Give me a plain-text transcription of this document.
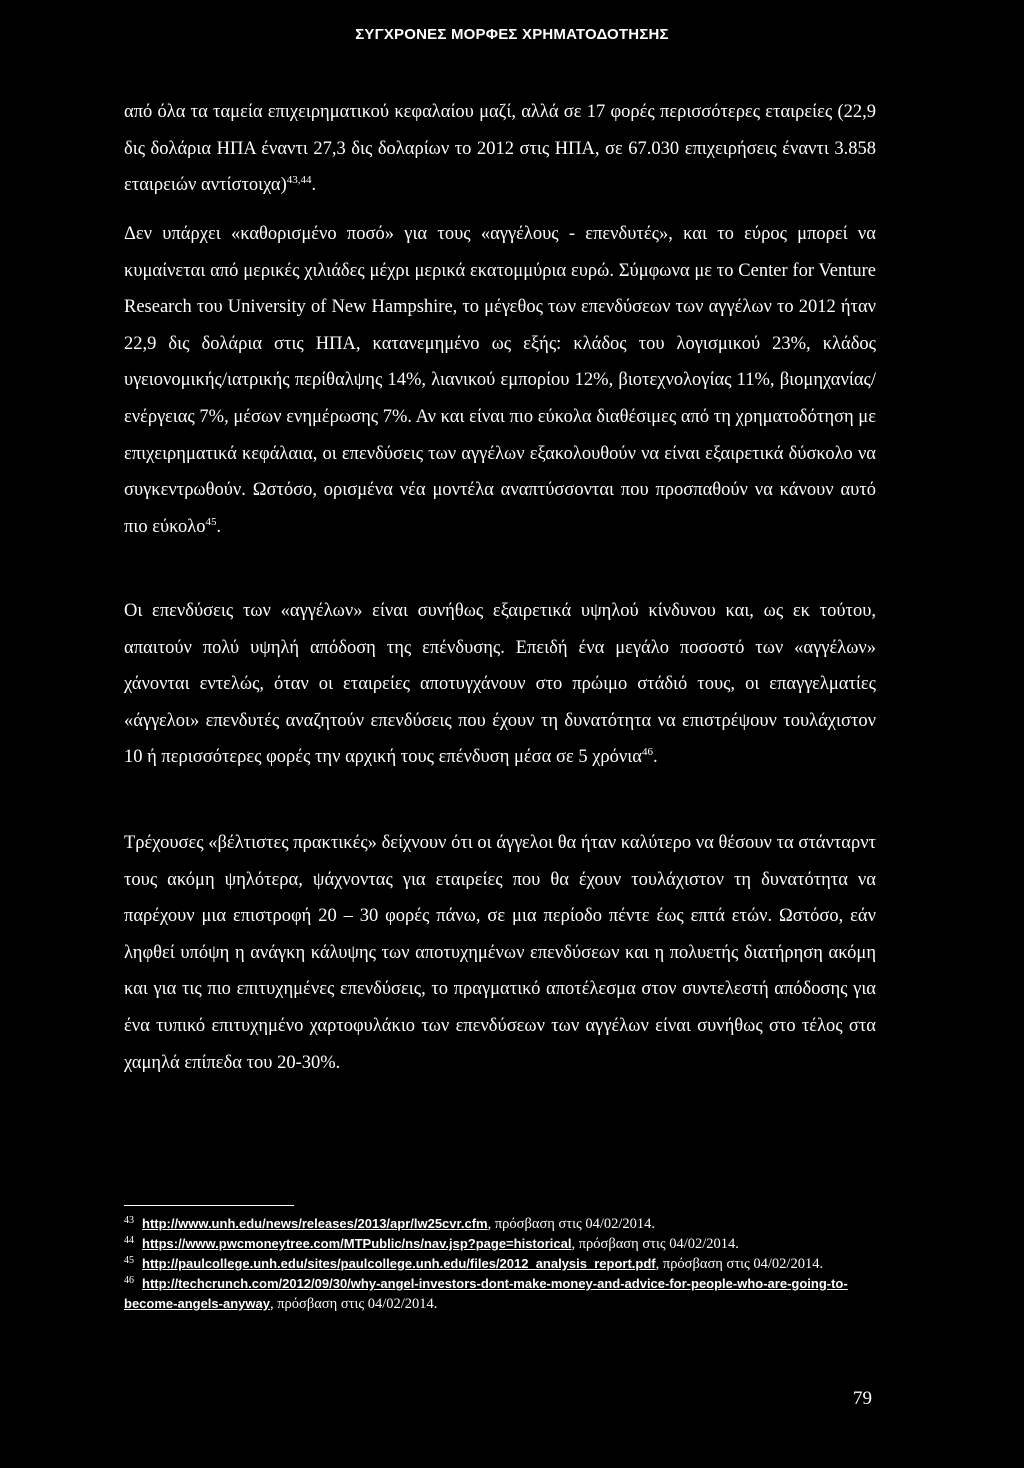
ΣΥΓΧΡΟΝΕΣ ΜΟΡΦΕΣ ΧΡΗΜΑΤΟΔΟΤΗΣΗΣ

από όλα τα ταμεία επιχειρηματικού κεφαλαίου μαζί, αλλά σε 17 φορές περισσότερες εταιρείες (22,9 δις δολάρια ΗΠΑ έναντι 27,3 δις δολαρίων το 2012 στις ΗΠΑ, σε 67.030 επιχειρήσεις έναντι 3.858 εταιρειών αντίστοιχα)$^{43,44}$.

Δεν υπάρχει «καθορισμένο ποσό» για τους «αγγέλους - επενδυτές», και το εύρος μπορεί να κυμαίνεται από μερικές χιλιάδες μέχρι μερικά εκατομμύρια ευρώ. Σύμφωνα με το Center for Venture Research του University of New Hampshire, το μέγεθος των επενδύσεων των αγγέλων το 2012 ήταν 22,9 δις δολάρια στις ΗΠΑ, κατανεμημένο ως εξής: κλάδος του λογισμικού 23%, κλάδος υγειονομικής/ιατρικής περίθαλψης 14%, λιανικού εμπορίου 12%, βιοτεχνολογίας 11%, βιομηχανίας/ενέργειας 7%, μέσων ενημέρωσης 7%. Αν και είναι πιο εύκολα διαθέσιμες από τη χρηματοδότηση με επιχειρηματικά κεφάλαια, οι επενδύσεις των αγγέλων εξακολουθούν να είναι εξαιρετικά δύσκολο να συγκεντρωθούν. Ωστόσο, ορισμένα νέα μοντέλα αναπτύσσονται που προσπαθούν να κάνουν αυτό πιο εύκολο$^{45}$.

Οι επενδύσεις των «αγγέλων» είναι συνήθως εξαιρετικά υψηλού κίνδυνου και, ως εκ τούτου, απαιτούν πολύ υψηλή απόδοση της επένδυσης. Επειδή ένα μεγάλο ποσοστό των «αγγέλων» χάνονται εντελώς, όταν οι εταιρείες αποτυγχάνουν στο πρώιμο στάδιό τους, οι επαγγελματίες «άγγελοι» επενδυτές αναζητούν επενδύσεις που έχουν τη δυνατότητα να επιστρέψουν τουλάχιστον 10 ή περισσότερες φορές την αρχική τους επένδυση μέσα σε 5 χρόνια$^{46}$.

Τρέχουσες «βέλτιστες πρακτικές» δείχνουν ότι οι άγγελοι θα ήταν καλύτερο να θέσουν τα στάνταρντ τους ακόμη ψηλότερα, ψάχνοντας για εταιρείες που θα έχουν τουλάχιστον τη δυνατότητα να παρέχουν μια επιστροφή 20 – 30 φορές πάνω, σε μια περίοδο πέντε έως επτά ετών. Ωστόσο, εάν ληφθεί υπόψη η ανάγκη κάλυψης των αποτυχημένων επενδύσεων και η πολυετής διατήρηση ακόμη και για τις πιο επιτυχημένες επενδύσεις, το πραγματικό αποτέλεσμα στον συντελεστή απόδοσης για ένα τυπικό επιτυχημένο χαρτοφυλάκιο των επενδύσεων των αγγέλων είναι συνήθως στο τέλος στα χαμηλά επίπεδα του 20-30%.

$^{43}$ http://www.unh.edu/news/releases/2013/apr/lw25cvr.cfm, πρόσβαση στις 04/02/2014.

$^{44}$ https://www.pwcmoneytree.com/MTPublic/ns/nav.jsp?page=historical, πρόσβαση στις 04/02/2014.

$^{45}$ http://paulcollege.unh.edu/sites/paulcollege.unh.edu/files/2012_analysis_report.pdf, πρόσβαση στις 04/02/2014.

$^{46}$ http://techcrunch.com/2012/09/30/why-angel-investors-dont-make-money-and-advice-for-people-who-are-going-to-become-angels-anyway, πρόσβαση στις 04/02/2014.

79
